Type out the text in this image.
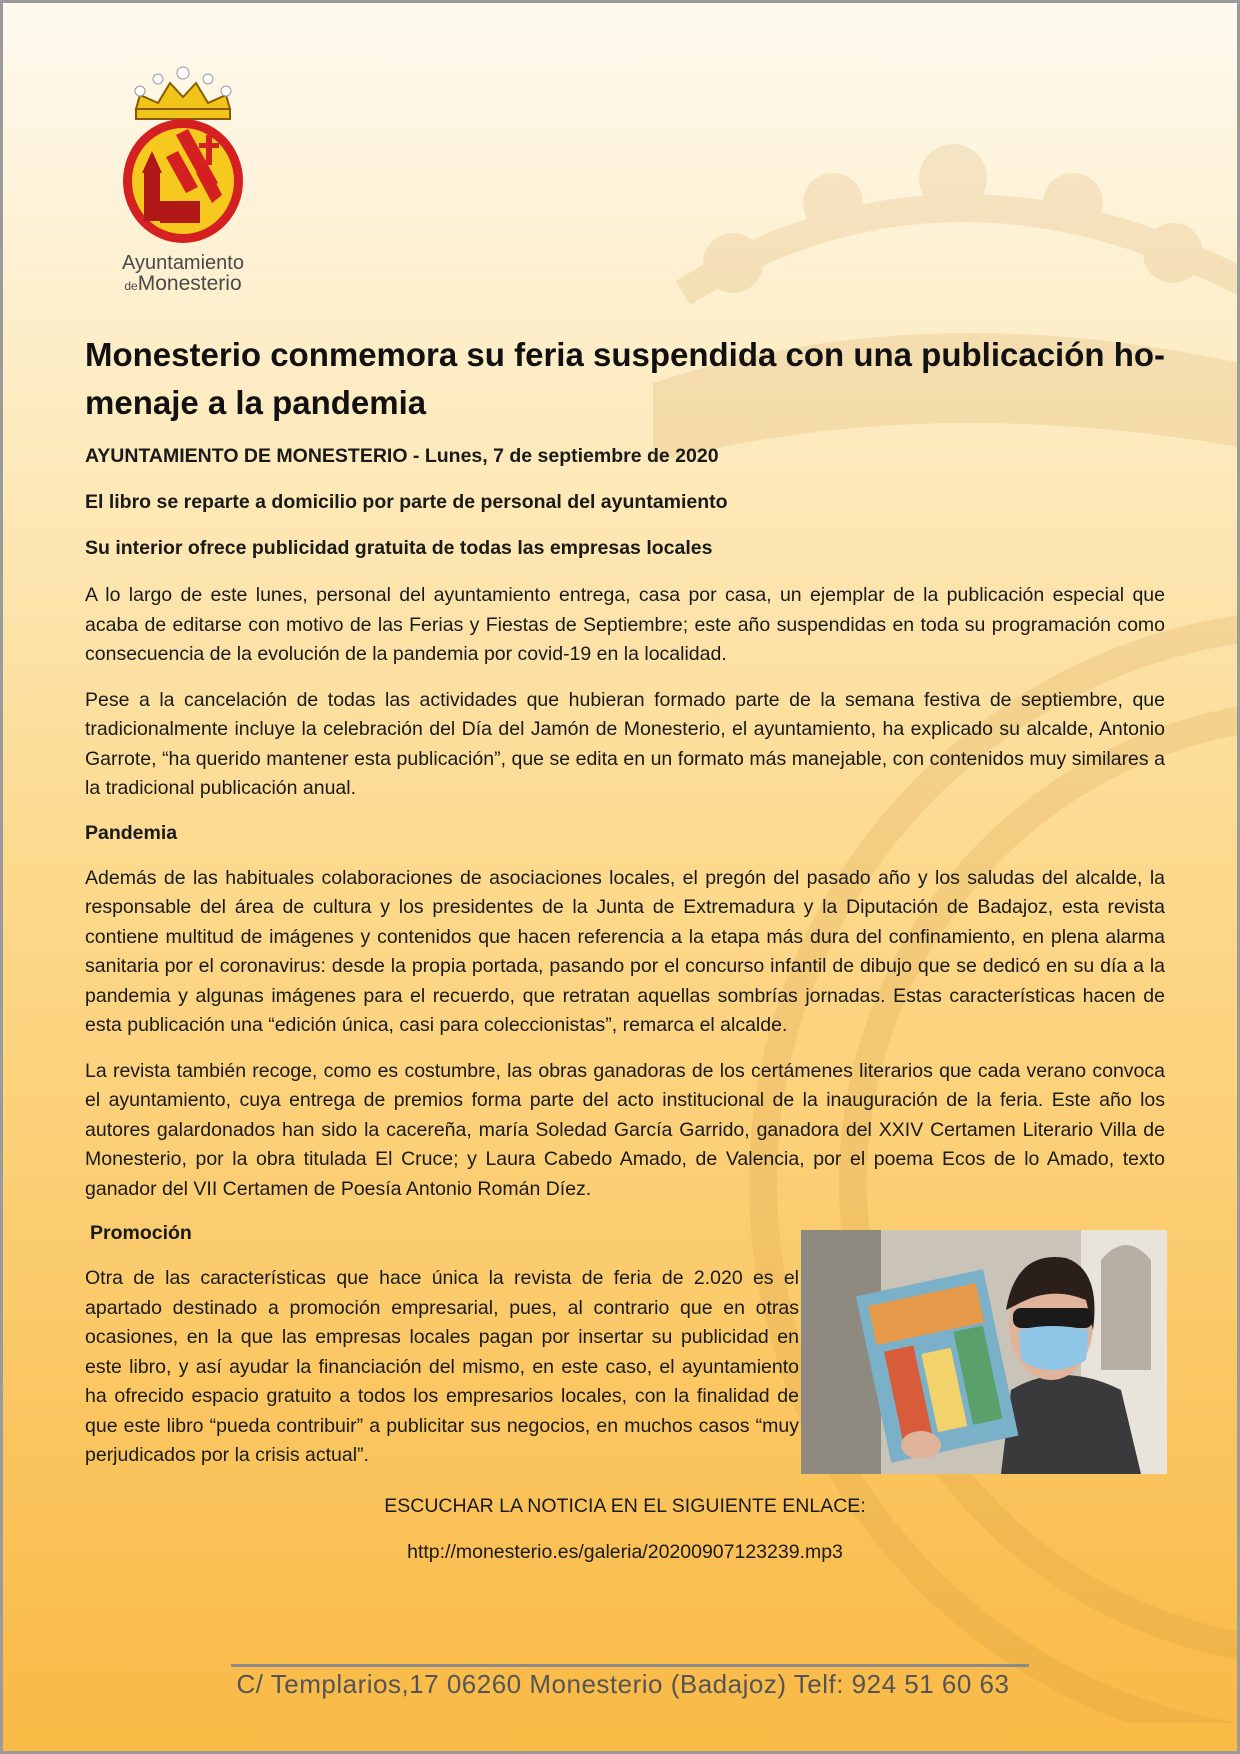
Ayuntamiento
deMonesterio
Monesterio conmemora su feria suspendida con una publicación ho-menaje a la pandemia
AYUNTAMIENTO DE MONESTERIO - Lunes, 7 de septiembre de 2020
El libro se reparte a domicilio por parte de personal del ayuntamiento
Su interior ofrece publicidad gratuita de todas las empresas locales

A lo largo de este lunes, personal del ayuntamiento entrega, casa por casa, un ejemplar de la publicación especial que acaba de editarse con motivo de las Ferias y Fiestas de Septiembre; este año suspendidas en toda su programación como consecuencia de la evolución de la pandemia por covid-19 en la localidad.

Pese a la cancelación de todas las actividades que hubieran formado parte de la semana festiva de septiembre, que tradicionalmente incluye la celebración del Día del Jamón de Monesterio, el ayuntamiento, ha explicado su alcalde, Antonio Garrote, “ha querido mantener esta publicación”, que se edita en un formato más manejable, con contenidos muy similares a la tradicional publicación anual.

Pandemia

Además de las habituales colaboraciones de asociaciones locales, el pregón del pasado año y los saludas del alcalde, la responsable del área de cultura y los presidentes de la Junta de Extremadura y la Diputación de Badajoz, esta revista contiene multitud de imágenes y contenidos que hacen referencia a la etapa más dura del confinamiento, en plena alarma sanitaria por el coronavirus: desde la propia portada, pasando por el concurso infantil de dibujo que se dedicó en su día a la pandemia y algunas imágenes para el recuerdo, que retratan aquellas sombrías jornadas. Estas características hacen de esta publicación una “edición única, casi para coleccionistas”, remarca el alcalde.

La revista también recoge, como es costumbre, las obras ganadoras de los certámenes literarios que cada verano convoca el ayuntamiento, cuya entrega de premios forma parte del acto institucional de la inauguración de la feria. Este año los autores galardonados han sido la cacereña, maría Soledad García Garrido, ganadora del XXIV Certamen Literario Villa de Monesterio, por la obra titulada El Cruce; y Laura Cabedo Amado, de Valencia, por el poema Ecos de lo Amado, texto ganador del VII Certamen de Poesía Antonio Román Díez.

Promoción

Otra de las características que hace única la revista de feria de 2.020 es el apartado destinado a promoción empresarial, pues, al contrario que en otras ocasiones, en la que las empresas locales pagan por insertar su publicidad en este libro, y así ayudar la financiación del mismo, en este caso, el ayuntamiento ha ofrecido espacio gratuito a todos los empresarios locales, con la finalidad de que este libro “pueda contribuir” a publicitar sus negocios, en muchos casos “muy perjudicados por la crisis actual”.

ESCUCHAR LA NOTICIA EN EL SIGUIENTE ENLACE:
http://monesterio.es/galeria/20200907123239.mp3
C/ Templarios,17 06260 Monesterio (Badajoz) Telf: 924 51 60 63
